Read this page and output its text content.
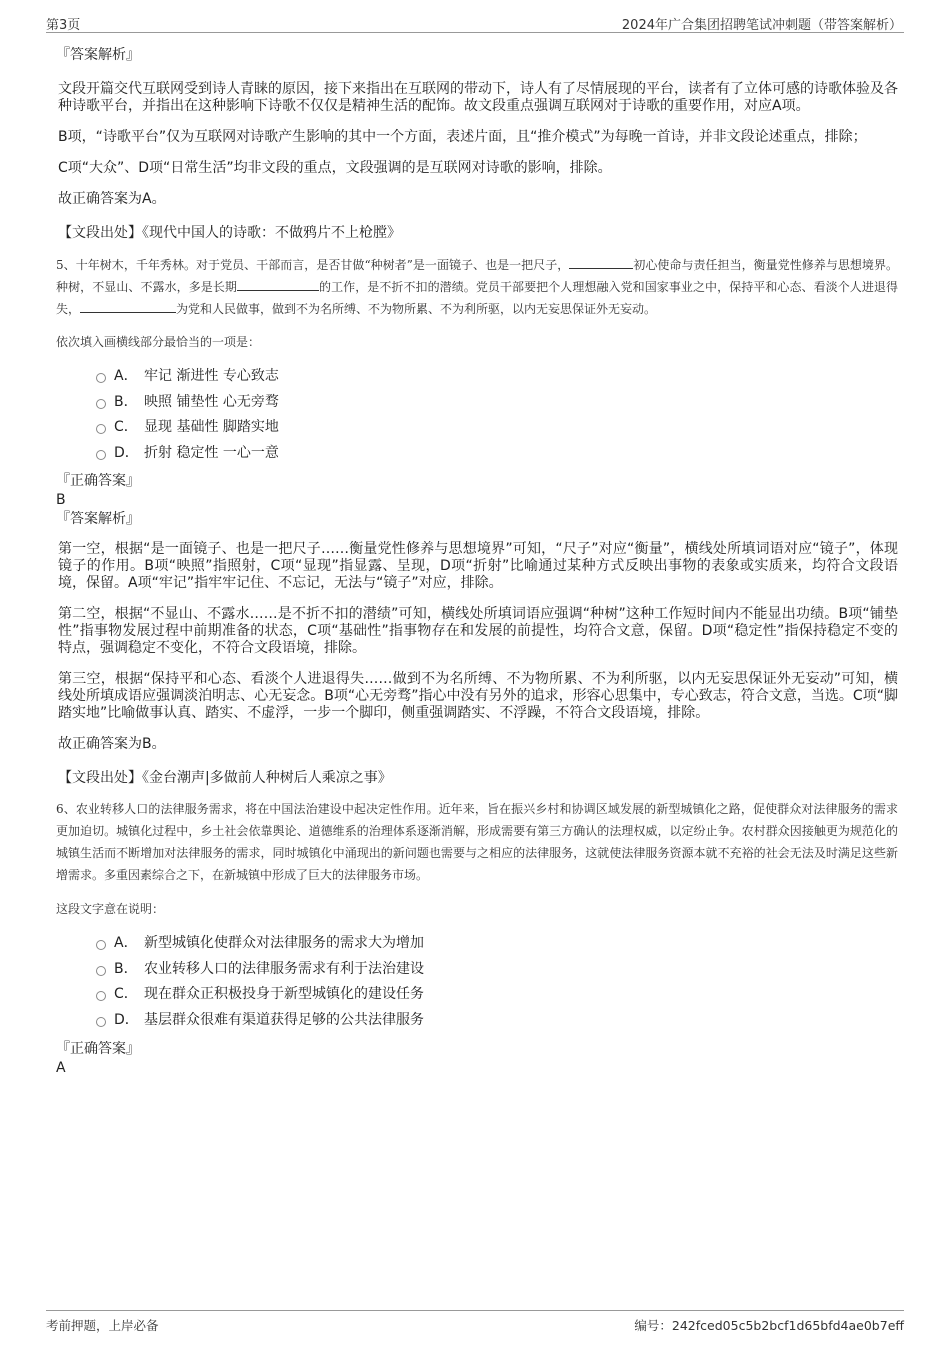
第3页	2024年广合集团招聘笔试冲刺题（带答案解析）

『答案解析』

文段开篇交代互联网受到诗人青睐的原因，接下来指出在互联网的带动下，诗人有了尽情展现的平台，读者有了立体可感的诗歌体验及各种诗歌平台，并指出在这种影响下诗歌不仅仅是精神生活的配饰。故文段重点强调互联网对于诗歌的重要作用，对应A项。

B项，“诗歌平台”仅为互联网对诗歌产生影响的其中一个方面，表述片面，且“推介模式”为每晚一首诗，并非文段论述重点，排除；

C项“大众”、D项“日常生活”均非文段的重点，文段强调的是互联网对诗歌的影响，排除。

故正确答案为A。

【文段出处】《现代中国人的诗歌：不做鸦片不上枪膛》

5、十年树木，千年秀林。对于党员、干部而言，是否甘做“种树者”是一面镜子、也是一把尺子，	初心使命与责任担当，衡量党性修养与思想境界。种树，不显山、不露水，多是长期	的工作，是不折不扣的潜绩。党员干部要把个人理想融入党和国家事业之中，保持平和心态、看淡个人进退得失，	为党和人民做事，做到不为名所缚、不为物所累、不为利所驱，以内无妄思保证外无妄动。

依次填入画横线部分最恰当的一项是：

A． 牢记 渐进性 专心致志
B． 映照 铺垫性 心无旁骛
C． 显现 基础性 脚踏实地
D． 折射 稳定性 一心一意

『正确答案』

B

『答案解析』

第一空，根据“是一面镜子、也是一把尺子……衡量党性修养与思想境界”可知，“尺子”对应“衡量”，横线处所填词语对应“镜子”，体现镜子的作用。B项“映照”指照射，C项“显现”指显露、呈现，D项“折射”比喻通过某种方式反映出事物的表象或实质来，均符合文段语境，保留。A项“牢记”指牢牢记住、不忘记，无法与“镜子”对应，排除。

第二空，根据“不显山、不露水……是不折不扣的潜绩”可知，横线处所填词语应强调“种树”这种工作短时间内不能显出功绩。B项“铺垫性”指事物发展过程中前期准备的状态，C项“基础性”指事物存在和发展的前提性，均符合文意，保留。D项“稳定性”指保持稳定不变的特点，强调稳定不变化，不符合文段语境，排除。

第三空，根据“保持平和心态、看淡个人进退得失……做到不为名所缚、不为物所累、不为利所驱，以内无妄思保证外无妄动”可知，横线处所填成语应强调淡泊明志、心无妄念。B项“心无旁骛”指心中没有另外的追求，形容心思集中，专心致志，符合文意，当选。C项“脚踏实地”比喻做事认真、踏实、不虚浮，一步一个脚印，侧重强调踏实、不浮躁，不符合文段语境，排除。

故正确答案为B。

【文段出处】《金台潮声|多做前人种树后人乘凉之事》

6、农业转移人口的法律服务需求，将在中国法治建设中起决定性作用。近年来，旨在振兴乡村和协调区域发展的新型城镇化之路，促使群众对法律服务的需求更加迫切。城镇化过程中，乡土社会依靠舆论、道德维系的治理体系逐渐消解，形成需要有第三方确认的法理权威，以定纷止争。农村群众因接触更为规范化的城镇生活而不断增加对法律服务的需求，同时城镇化中涌现出的新问题也需要与之相应的法律服务，这就使法律服务资源本就不充裕的社会无法及时满足这些新增需求。多重因素综合之下，在新城镇中形成了巨大的法律服务市场。

这段文字意在说明：

A． 新型城镇化使群众对法律服务的需求大为增加
B． 农业转移人口的法律服务需求有利于法治建设
C． 现在群众正积极投身于新型城镇化的建设任务
D． 基层群众很难有渠道获得足够的公共法律服务

『正确答案』

A

考前押题，上岸必备	编号：242fced05c5b2bcf1d65bfd4ae0b7eff
